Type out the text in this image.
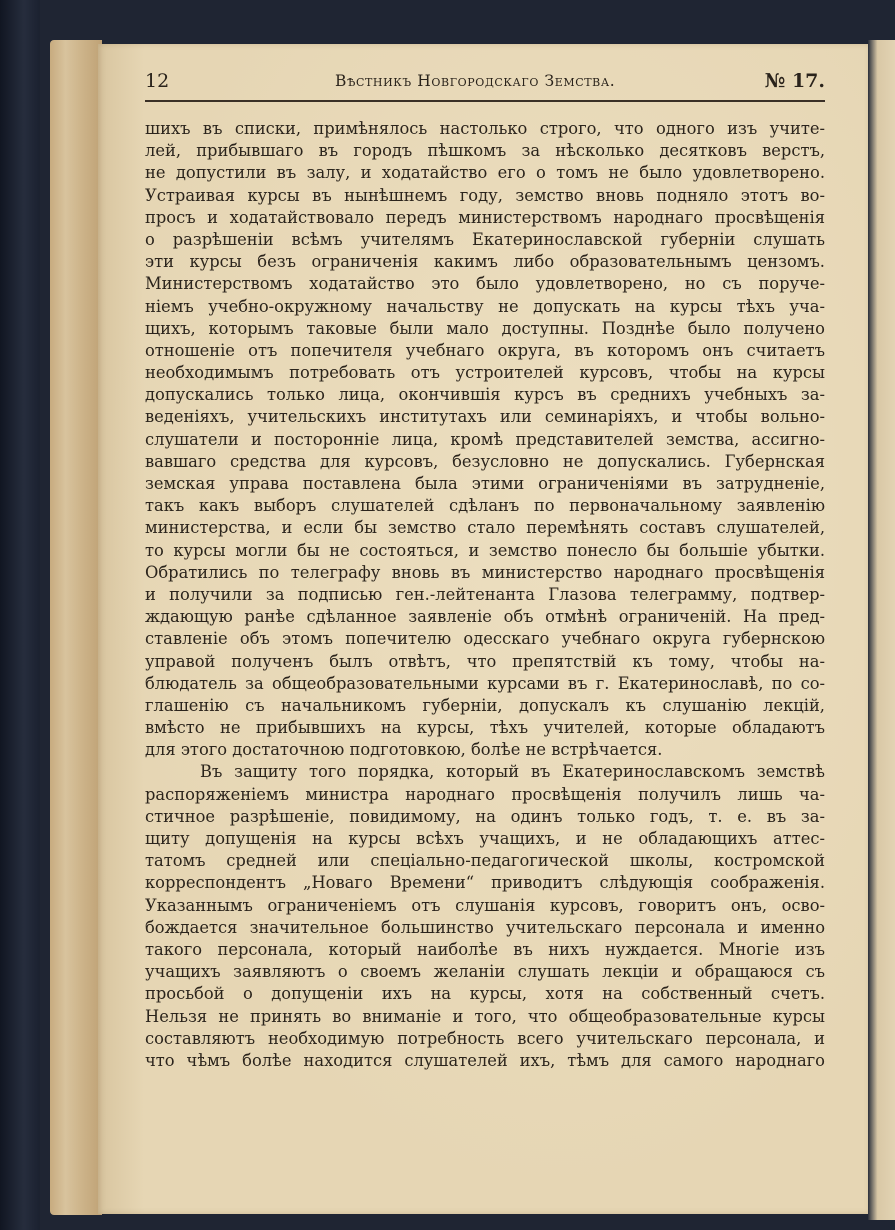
12	Вѣстникъ Новгородскаго Земства.	№ 17.
шихъ въ списки, примѣнялось настолько строго, что одного изъ учите-
лей, прибывшаго въ городъ пѣшкомъ за нѣсколько десятковъ верстъ,
не допустили въ залу, и ходатайство его о томъ не было удовлетворено.
Устраивая курсы въ нынѣшнемъ году, земство вновь подняло этотъ во-
просъ и ходатайствовало передъ министерствомъ народнаго просвѣщенія
о разрѣшеніи всѣмъ учителямъ Екатеринославской губерніи слушать
эти курсы безъ ограниченія какимъ либо образовательнымъ цензомъ.
Министерствомъ ходатайство это было удовлетворено, но съ поруче-
ніемъ учебно-окружному начальству не допускать на курсы тѣхъ уча-
щихъ, которымъ таковые были мало доступны. Позднѣе было получено
отношеніе отъ попечителя учебнаго округа, въ которомъ онъ считаетъ
необходимымъ потребовать отъ устроителей курсовъ, чтобы на курсы
допускались только лица, окончившія курсъ въ среднихъ учебныхъ за-
веденіяхъ, учительскихъ институтахъ или семинаріяхъ, и чтобы вольно-
слушатели и посторонніе лица, кромѣ представителей земства, ассигно-
вавшаго средства для курсовъ, безусловно не допускались. Губернская
земская управа поставлена была этими ограниченіями въ затрудненіе,
такъ какъ выборъ слушателей сдѣланъ по первоначальному заявленію
министерства, и если бы земство стало перемѣнять составъ слушателей,
то курсы могли бы не состояться, и земство понесло бы большіе убытки.
Обратились по телеграфу вновь въ министерство народнаго просвѣщенія
и получили за подписью ген.-лейтенанта Глазова телеграмму, подтвер-
ждающую ранѣе сдѣланное заявленіе объ отмѣнѣ ограниченій. На пред-
ставленіе объ этомъ попечителю одесскаго учебнаго округа губернскою
управой полученъ былъ отвѣтъ, что препятствій къ тому, чтобы на-
блюдатель за общеобразовательными курсами въ г. Екатеринославѣ, по со-
глашенію съ начальникомъ губерніи, допускалъ къ слушанію лекцій,
вмѣсто не прибывшихъ на курсы, тѣхъ учителей, которые обладаютъ
для этого достаточною подготовкою, болѣе не встрѣчается.
Въ защиту того порядка, который въ Екатеринославскомъ земствѣ
распоряженіемъ министра народнаго просвѣщенія получилъ лишь ча-
стичное разрѣшеніе, повидимому, на одинъ только годъ, т. е. въ за-
щиту допущенія на курсы всѣхъ учащихъ, и не обладающихъ аттес-
татомъ средней или спеціально-педагогической школы, костромской
корреспондентъ „Новаго Времени“ приводитъ слѣдующія соображенія.
Указаннымъ ограниченіемъ отъ слушанія курсовъ, говоритъ онъ, осво-
бождается значительное большинство учительскаго персонала и именно
такого персонала, который наиболѣе въ нихъ нуждается. Многіе изъ
учащихъ заявляютъ о своемъ желаніи слушать лекціи и обращаюся съ
просьбой о допущеніи ихъ на курсы, хотя на собственный счетъ.
Нельзя не принять во вниманіе и того, что общеобразовательные курсы
составляютъ необходимую потребность всего учительскаго персонала, и
что чѣмъ болѣе находится слушателей ихъ, тѣмъ для самого народнаго
